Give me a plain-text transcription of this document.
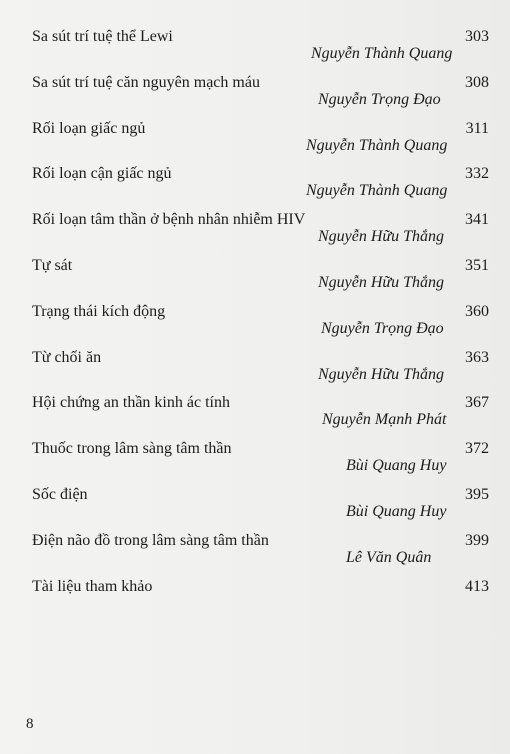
Sa sút trí tuệ thể Lewi	303
Nguyễn Thành Quang
Sa sút trí tuệ căn nguyên mạch máu	308
Nguyễn Trọng Đạo
Rối loạn giấc ngủ	311
Nguyễn Thành Quang
Rối loạn cận giấc ngủ	332
Nguyễn Thành Quang
Rối loạn tâm thần ở bệnh nhân nhiễm HIV	341
Nguyễn Hữu Thắng
Tự sát	351
Nguyễn Hữu Thắng
Trạng thái kích động	360
Nguyễn Trọng Đạo
Từ chối ăn	363
Nguyễn Hữu Thắng
Hội chứng an thần kinh ác tính	367
Nguyễn Mạnh Phát
Thuốc trong lâm sàng tâm thần	372
Bùi Quang Huy
Sốc điện	395
Bùi Quang Huy
Điện não đồ trong lâm sàng tâm thần	399
Lê Văn Quân
Tài liệu tham khảo	413
8
